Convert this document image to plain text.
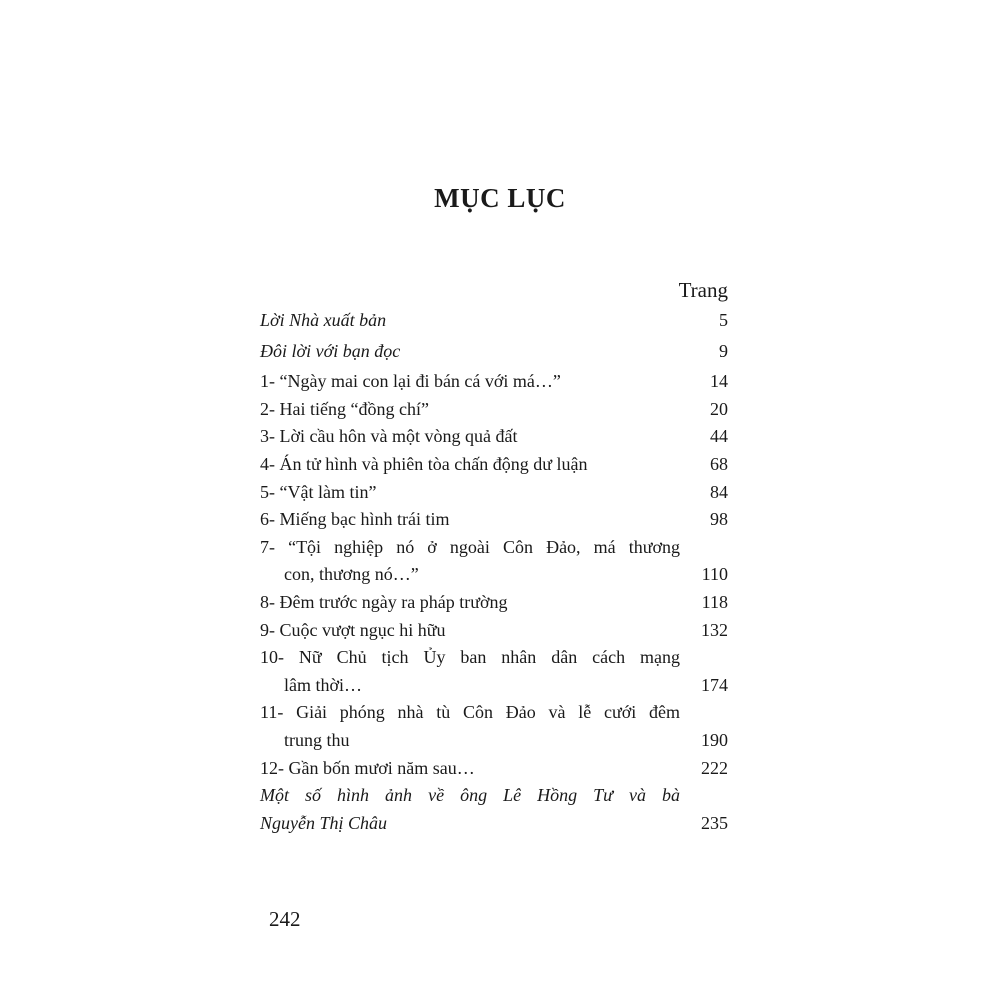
MỤC LỤC
Trang
Lời Nhà xuất bản	5
Đôi lời với bạn đọc	9
1- “Ngày mai con lại đi bán cá với má…”	14
2- Hai tiếng “đồng chí”	20
3- Lời cầu hôn và một vòng quả đất	44
4- Án tử hình và phiên tòa chấn động dư luận	68
5- “Vật làm tin”	84
6- Miếng bạc hình trái tim	98
7- “Tội nghiệp nó ở ngoài Côn Đảo, má thương
con, thương nó…”	110
8- Đêm trước ngày ra pháp trường	118
9- Cuộc vượt ngục hi hữu	132
10- Nữ Chủ tịch Ủy ban nhân dân cách mạng
lâm thời…	174
11- Giải phóng nhà tù Côn Đảo và lễ cưới đêm
trung thu	190
12- Gần bốn mươi năm sau…	222
Một số hình ảnh về ông Lê Hồng Tư và bà
Nguyễn Thị Châu	235
242
